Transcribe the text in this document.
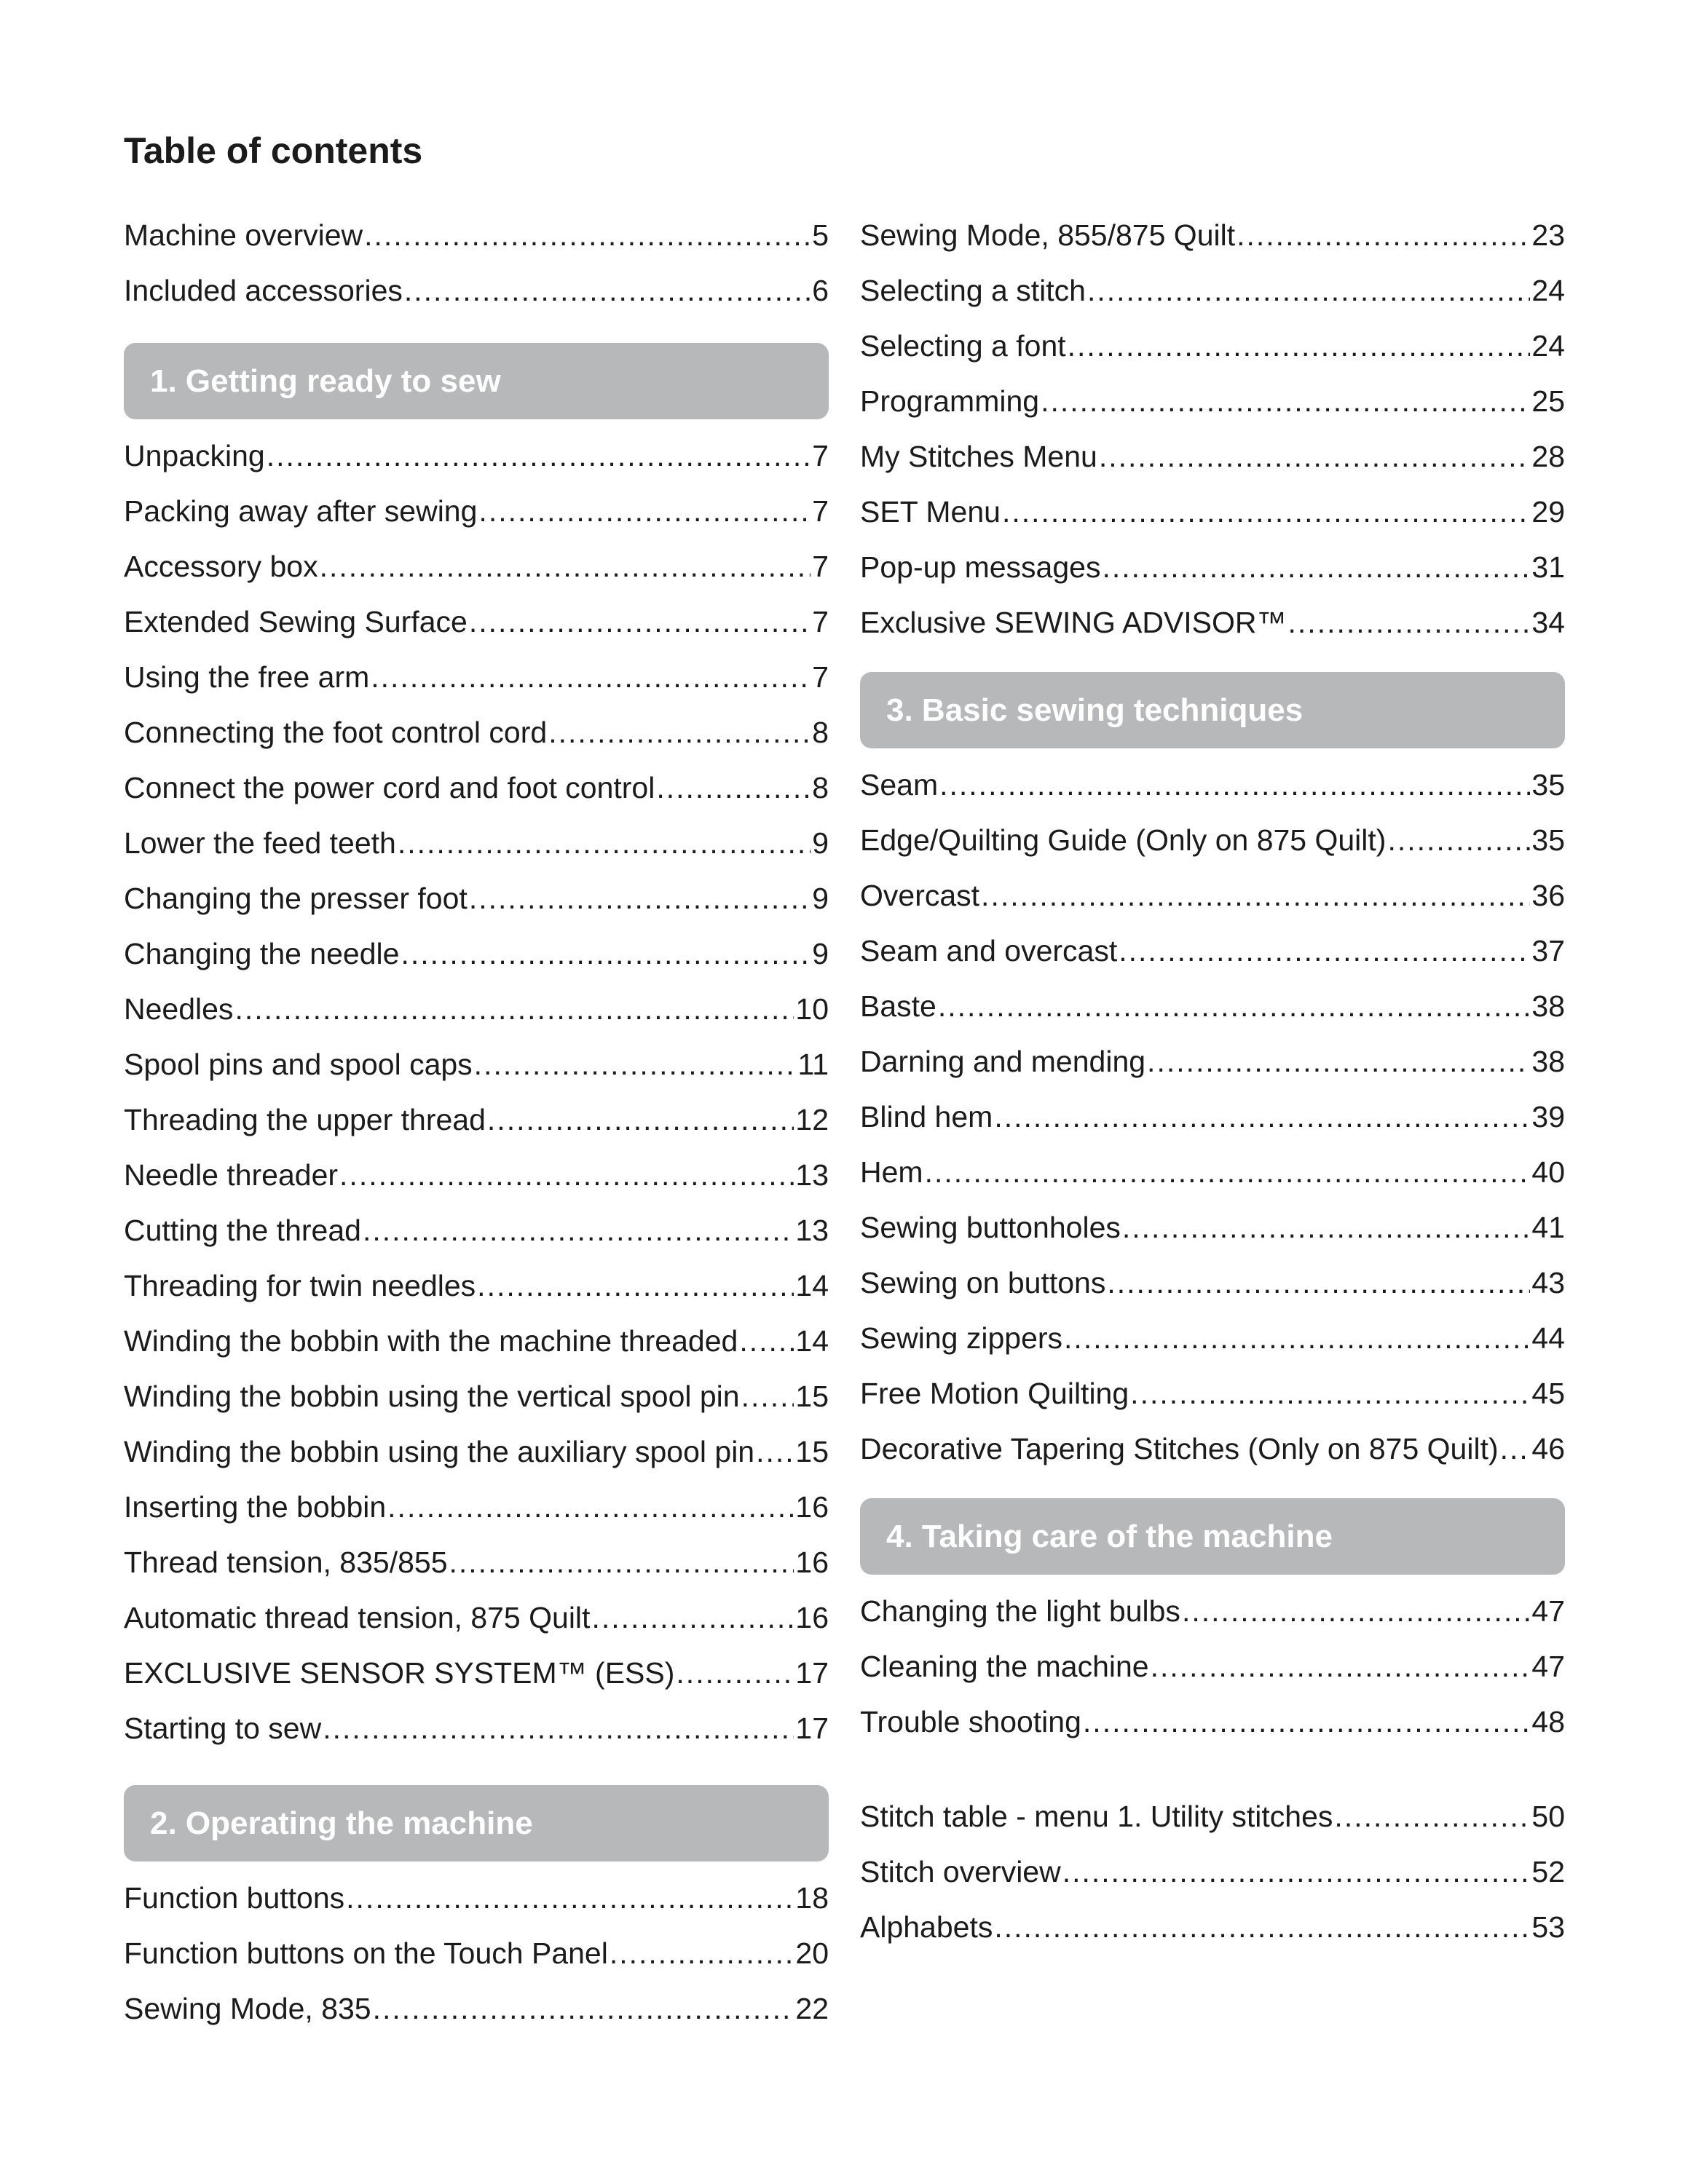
Table of contents
Machine overview .....	5
Included accessories .....	6
1. Getting ready to sew
Unpacking .....	7
Packing away after sewing .....	7
Accessory box .....	7
Extended Sewing Surface .....	7
Using the free arm .....	7
Connecting the foot control cord .....	8
Connect the power cord and foot control .....	8
Lower the feed teeth .....	9
Changing the presser foot .....	9
Changing the needle .....	9
Needles .....	10
Spool pins and spool caps .....	11
Threading the upper thread .....	12
Needle threader .....	13
Cutting the thread .....	13
Threading for twin needles .....	14
Winding the bobbin with the machine threaded ..... 14
Winding the bobbin using the vertical spool pin ..... 15
Winding the bobbin using the auxiliary spool pin ..... 15
Inserting the bobbin .....	16
Thread tension, 835/855 .....	16
Automatic thread tension, 875 Quilt .....	16
EXCLUSIVE SENSOR SYSTEM™ (ESS) .....	17
Starting to sew .....	17
2. Operating the machine
Function buttons .....	18
Function buttons on the Touch Panel .....	20
Sewing Mode, 835 .....	22
Sewing Mode, 855/875 Quilt .....	23
Selecting a stitch .....	24
Selecting a font .....	24
Programming .....	25
My Stitches Menu .....	28
SET Menu .....	29
Pop-up messages .....	31
Exclusive SEWING ADVISOR™ .....	34
3. Basic sewing techniques
Seam .....	35
Edge/Quilting Guide (Only on 875 Quilt) .....	35
Overcast .....	36
Seam and overcast .....	37
Baste .....	38
Darning and mending .....	38
Blind hem .....	39
Hem .....	40
Sewing buttonholes .....	41
Sewing on buttons .....	43
Sewing zippers .....	44
Free Motion Quilting .....	45
Decorative Tapering Stitches (Only on 875 Quilt) ..... 46
4. Taking care of the machine
Changing the light bulbs .....	47
Cleaning the machine .....	47
Trouble shooting .....	48
Stitch table - menu 1. Utility stitches .....	50
Stitch overview .....	52
Alphabets .....	53
